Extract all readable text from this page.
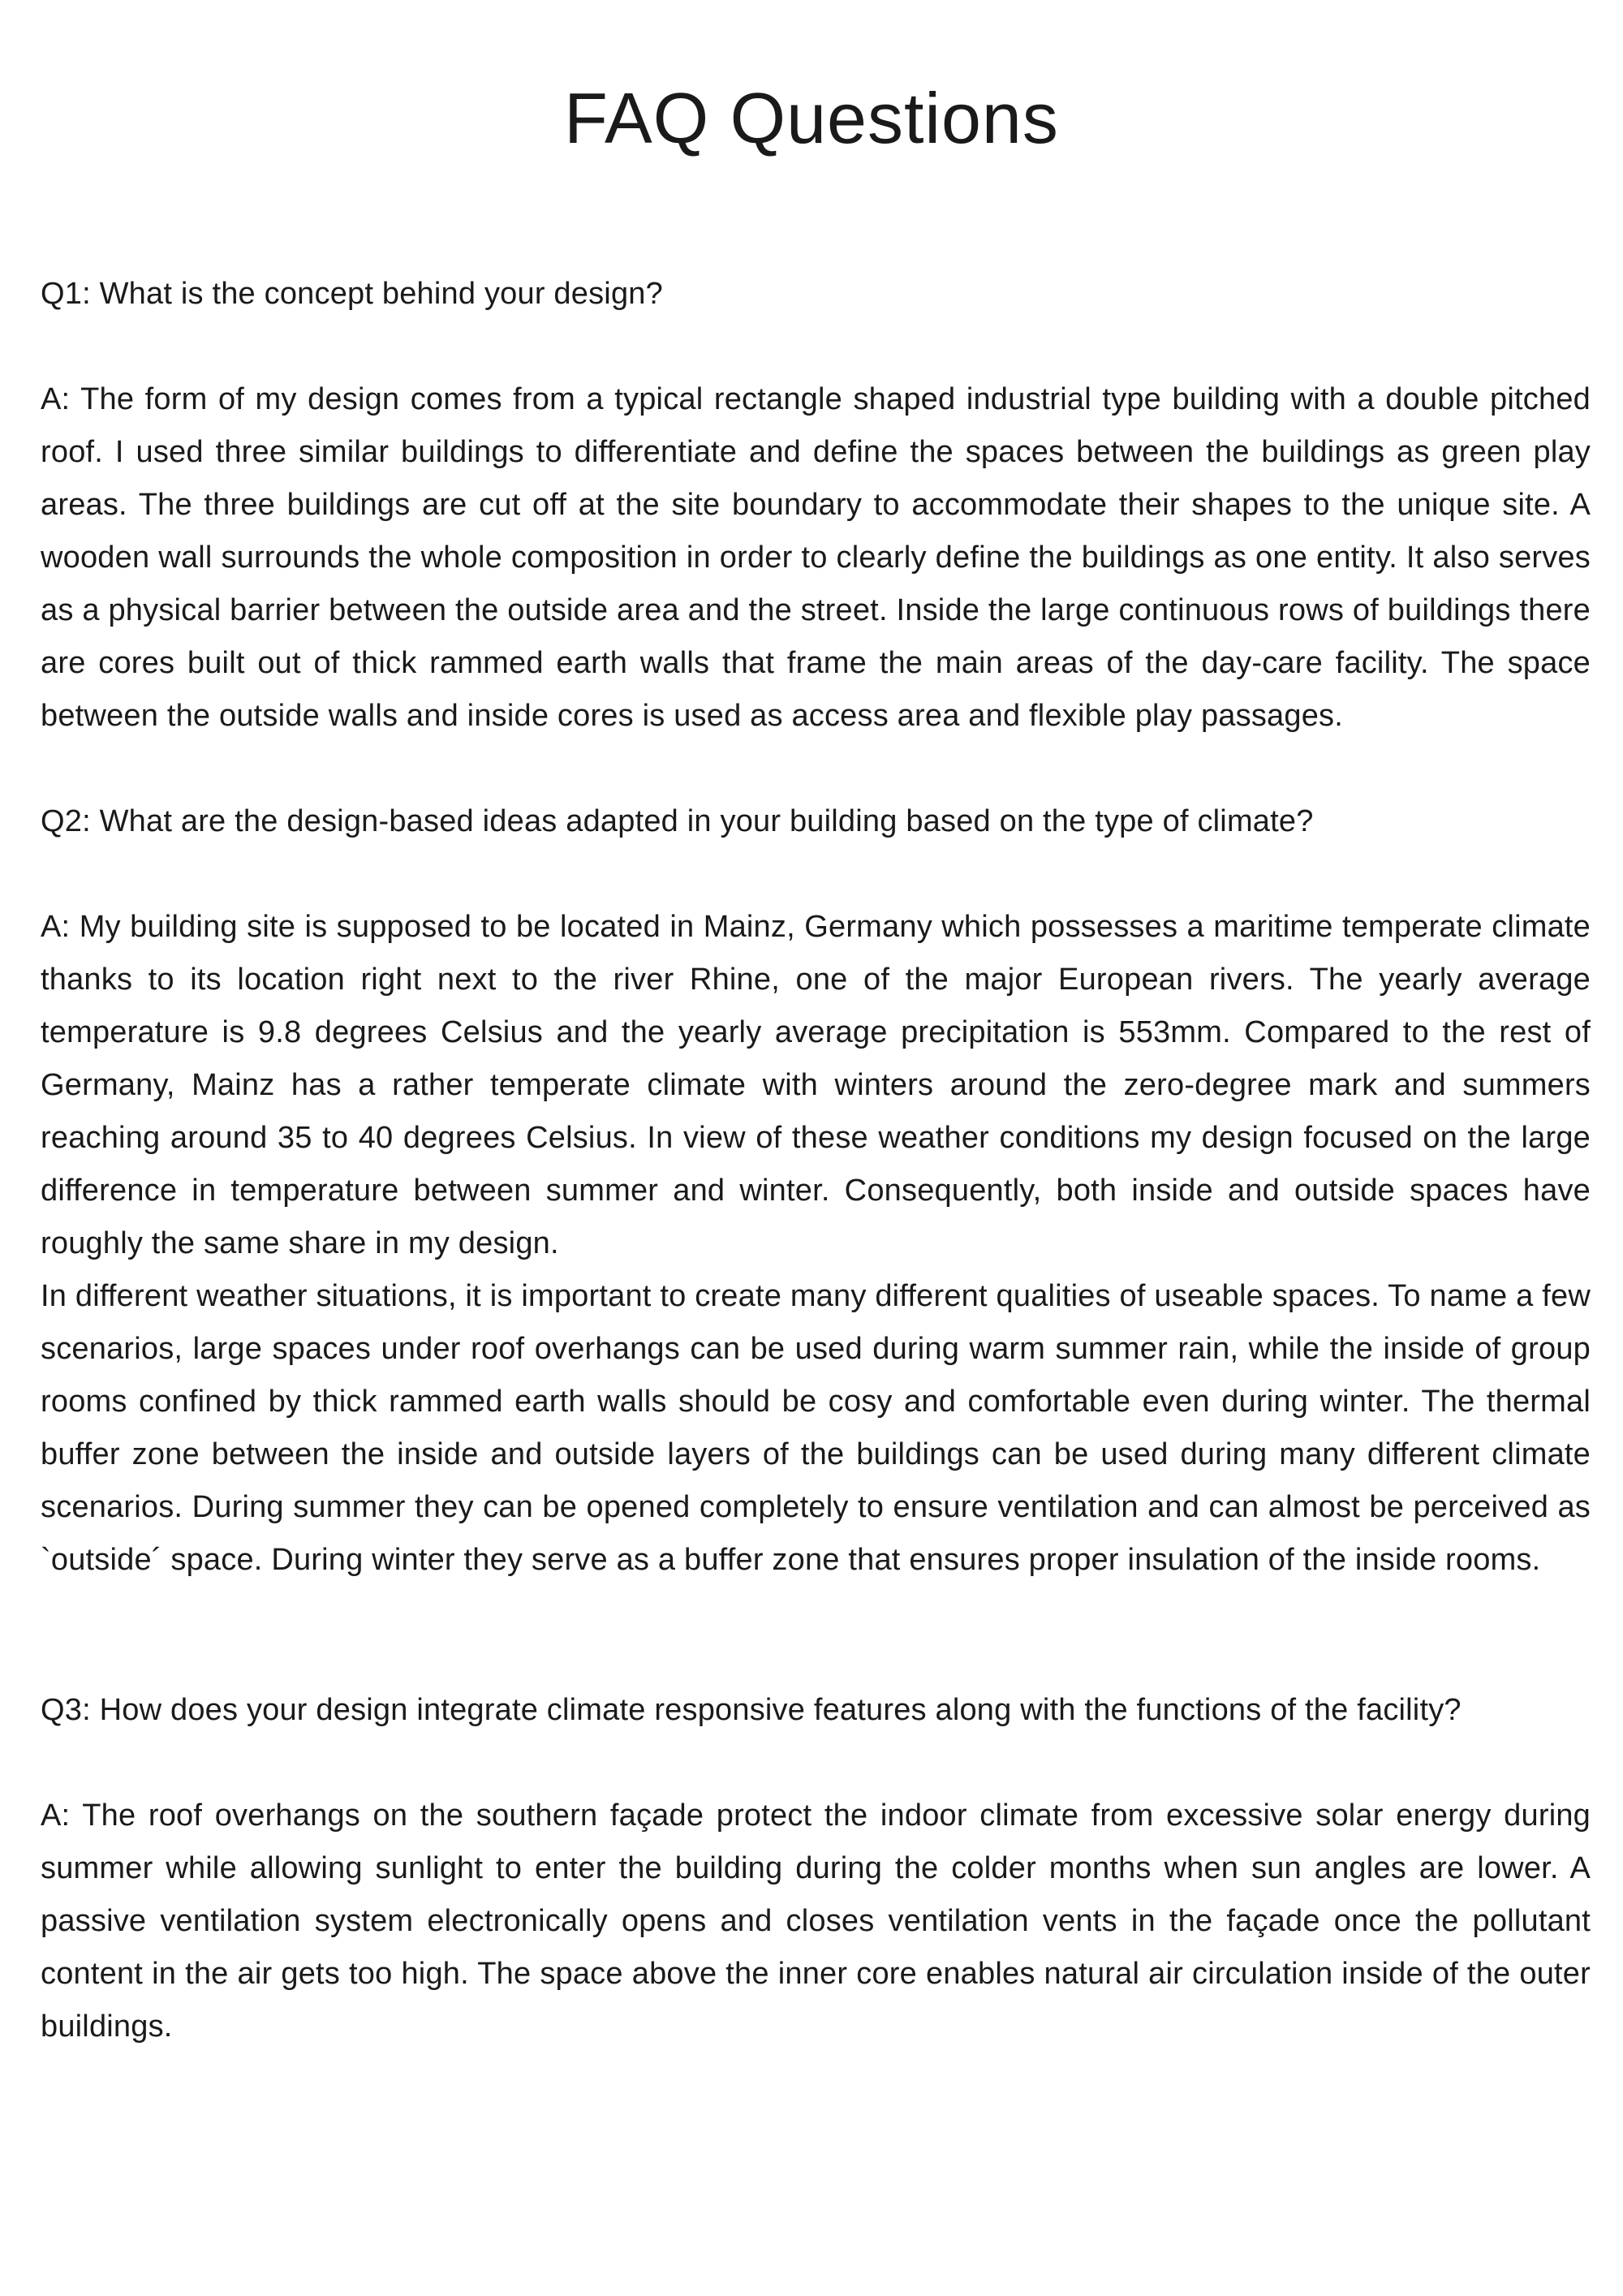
FAQ Questions

Q1: What is the concept behind your design?

A: The form of my design comes from a typical rectangle shaped industrial type building with a double pitched roof. I used three similar buildings to differentiate and define the spaces between the buildings as green play areas. The three buildings are cut off at the site boundary to accommodate their shapes to the unique site. A wooden wall surrounds the whole composition in order to clearly define the buildings as one entity. It also serves as a physical barrier between the outside area and the street. Inside the large continuous rows of buildings there are cores built out of thick rammed earth walls that frame the main areas of the day-care facility. The space between the outside walls and inside cores is used as access area and flexible play passages.

Q2: What are the design-based ideas adapted in your building based on the type of climate?

A: My building site is supposed to be located in Mainz, Germany which possesses a maritime temperate climate thanks to its location right next to the river Rhine, one of the major European rivers. The yearly average temperature is 9.8 degrees Celsius and the yearly average precipitation is 553mm. Compared to the rest of Germany, Mainz has a rather temperate climate with winters around the zero-degree mark and summers reaching around 35 to 40 degrees Celsius. In view of these weather conditions my design focused on the large difference in temperature between summer and winter. Consequently, both inside and outside spaces have roughly the same share in my design.

In different weather situations, it is important to create many different qualities of useable spaces. To name a few scenarios, large spaces under roof overhangs can be used during warm summer rain, while the inside of group rooms confined by thick rammed earth walls should be cosy and comfortable even during winter. The thermal buffer zone between the inside and outside layers of the buildings can be used during many different climate scenarios. During summer they can be opened completely to ensure ventilation and can almost be perceived as `outside´ space. During winter they serve as a buffer zone that ensures proper insulation of the inside rooms.

Q3: How does your design integrate climate responsive features along with the functions of the facility?

A: The roof overhangs on the southern façade protect the indoor climate from excessive solar energy during summer while allowing sunlight to enter the building during the colder months when sun angles are lower. A passive ventilation system electronically opens and closes ventilation vents in the façade once the pollutant content in the air gets too high. The space above the inner core enables natural air circulation inside of the outer buildings.
